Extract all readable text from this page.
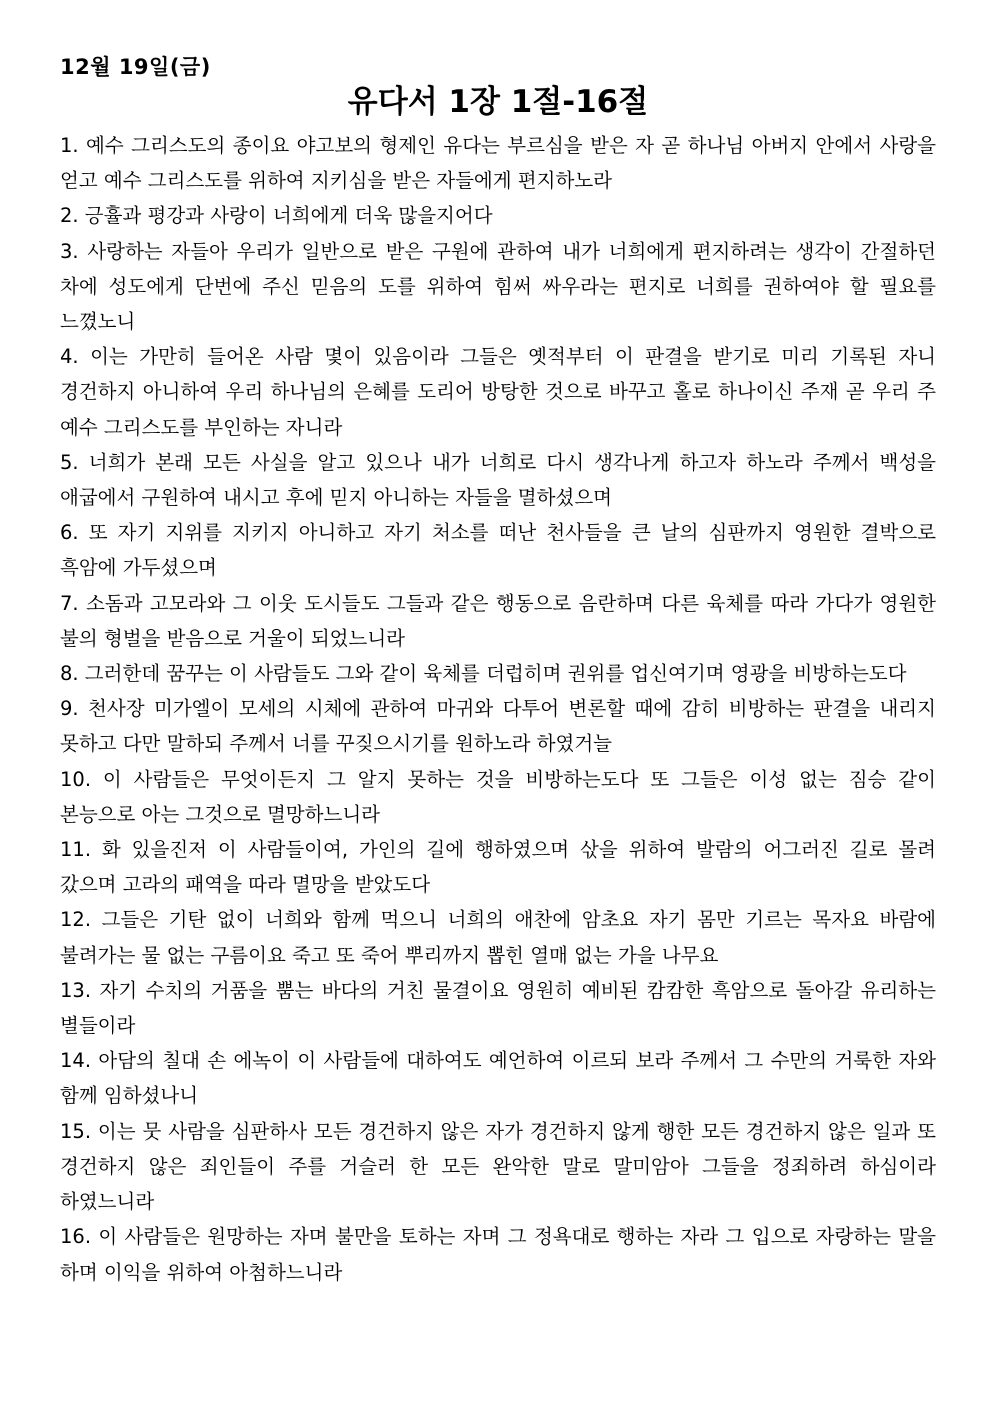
12월 19일(금)
유다서 1장 1절-16절

1. 예수 그리스도의 종이요 야고보의 형제인 유다는 부르심을 받은 자 곧 하나님 아버지 안에서 사랑을 얻고 예수 그리스도를 위하여 지키심을 받은 자들에게 편지하노라

2. 긍휼과 평강과 사랑이 너희에게 더욱 많을지어다

3. 사랑하는 자들아 우리가 일반으로 받은 구원에 관하여 내가 너희에게 편지하려는 생각이 간절하던 차에 성도에게 단번에 주신 믿음의 도를 위하여 힘써 싸우라는 편지로 너희를 권하여야 할 필요를 느꼈노니

4. 이는 가만히 들어온 사람 몇이 있음이라 그들은 옛적부터 이 판결을 받기로 미리 기록된 자니 경건하지 아니하여 우리 하나님의 은혜를 도리어 방탕한 것으로 바꾸고 홀로 하나이신 주재 곧 우리 주 예수 그리스도를 부인하는 자니라

5. 너희가 본래 모든 사실을 알고 있으나 내가 너희로 다시 생각나게 하고자 하노라 주께서 백성을 애굽에서 구원하여 내시고 후에 믿지 아니하는 자들을 멸하셨으며

6. 또 자기 지위를 지키지 아니하고 자기 처소를 떠난 천사들을 큰 날의 심판까지 영원한 결박으로 흑암에 가두셨으며

7. 소돔과 고모라와 그 이웃 도시들도 그들과 같은 행동으로 음란하며 다른 육체를 따라 가다가 영원한 불의 형벌을 받음으로 거울이 되었느니라

8. 그러한데 꿈꾸는 이 사람들도 그와 같이 육체를 더럽히며 권위를 업신여기며 영광을 비방하는도다

9. 천사장 미가엘이 모세의 시체에 관하여 마귀와 다투어 변론할 때에 감히 비방하는 판결을 내리지 못하고 다만 말하되 주께서 너를 꾸짖으시기를 원하노라 하였거늘

10. 이 사람들은 무엇이든지 그 알지 못하는 것을 비방하는도다 또 그들은 이성 없는 짐승 같이 본능으로 아는 그것으로 멸망하느니라

11. 화 있을진저 이 사람들이여, 가인의 길에 행하였으며 삯을 위하여 발람의 어그러진 길로 몰려 갔으며 고라의 패역을 따라 멸망을 받았도다

12. 그들은 기탄 없이 너희와 함께 먹으니 너희의 애찬에 암초요 자기 몸만 기르는 목자요 바람에 불려가는 물 없는 구름이요 죽고 또 죽어 뿌리까지 뽑힌 열매 없는 가을 나무요

13. 자기 수치의 거품을 뿜는 바다의 거친 물결이요 영원히 예비된 캄캄한 흑암으로 돌아갈 유리하는 별들이라

14. 아담의 칠대 손 에녹이 이 사람들에 대하여도 예언하여 이르되 보라 주께서 그 수만의 거룩한 자와 함께 임하셨나니

15. 이는 뭇 사람을 심판하사 모든 경건하지 않은 자가 경건하지 않게 행한 모든 경건하지 않은 일과 또 경건하지 않은 죄인들이 주를 거슬러 한 모든 완악한 말로 말미암아 그들을 정죄하려 하심이라 하였느니라

16. 이 사람들은 원망하는 자며 불만을 토하는 자며 그 정욕대로 행하는 자라 그 입으로 자랑하는 말을 하며 이익을 위하여 아첨하느니라
